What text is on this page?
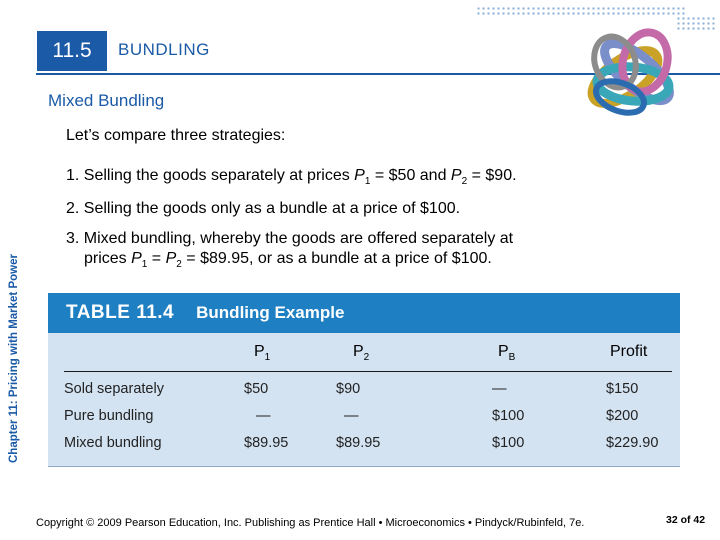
11.5	BUNDLING
Mixed Bundling
Chapter 11: Pricing with Market Power
Let’s compare three strategies:
1. Selling the goods separately at prices $P_1$ = $50 and $P_2$ = $90.
2. Selling the goods only as a bundle at a price of $100.
3. Mixed bundling, whereby the goods are offered separately at
prices $P_1 = P_2$ = $89.95, or as a bundle at a price of $100.
TABLE 11.4 Bundling Example
$P_1$	$P_2$	$P_B$	Profit
Sold separately	$50	$90	—	$150
Pure bundling	—	—	$100	$200
Mixed bundling	$89.95	$89.95	$100	$229.90
Copyright © 2009 Pearson Education, Inc. Publishing as Prentice Hall • Microeconomics • Pindyck/Rubinfeld, 7e.	32 of 42
